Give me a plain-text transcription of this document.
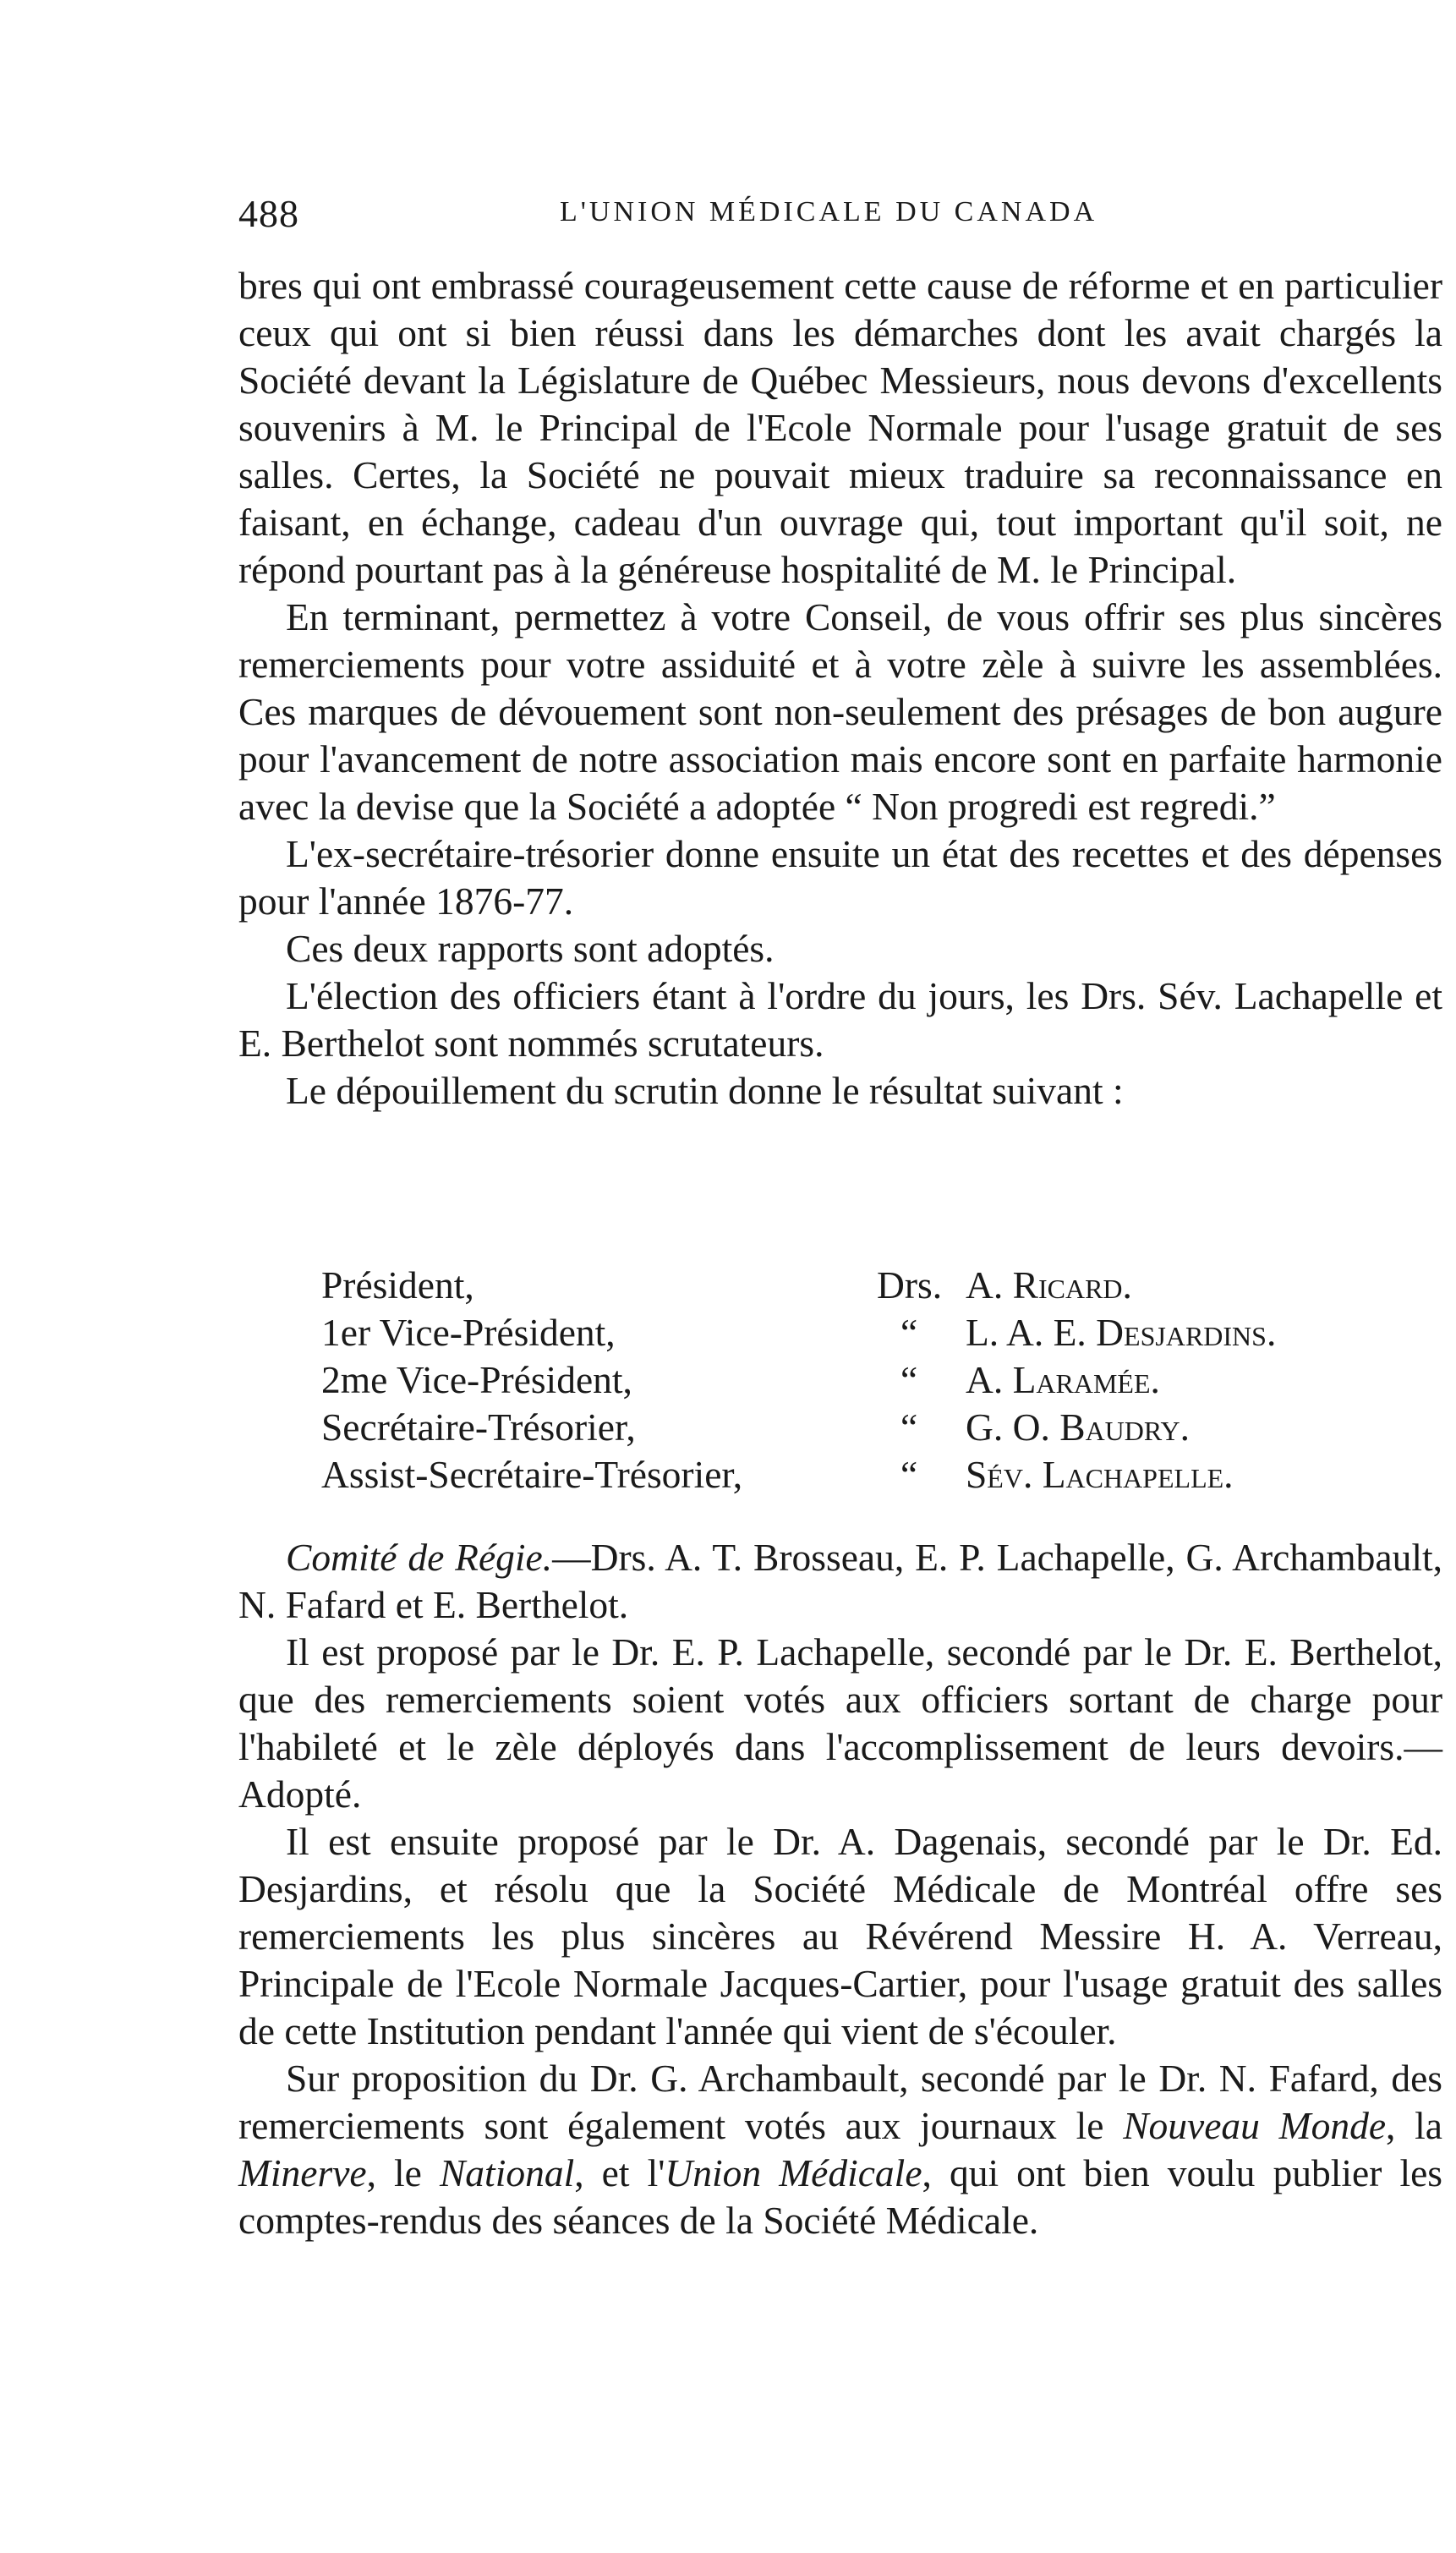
488	L'UNION MÉDICALE DU CANADA

bres qui ont embrassé courageusement cette cause de réforme et en particulier ceux qui ont si bien réussi dans les démarches dont les avait chargés la Société devant la Législature de Québec Messieurs, nous devons d'excellents souvenirs à M. le Principal de l'Ecole Normale pour l'usage gratuit de ses salles. Certes, la Société ne pouvait mieux traduire sa reconnaissance en faisant, en échange, cadeau d'un ouvrage qui, tout important qu'il soit, ne répond pourtant pas à la généreuse hospitalité de M. le Principal.

En terminant, permettez à votre Conseil, de vous offrir ses plus sincères remerciements pour votre assiduité et à votre zèle à suivre les assemblées. Ces marques de dévouement sont non-seulement des présages de bon augure pour l'avancement de notre association mais encore sont en parfaite harmonie avec la devise que la Société a adoptée “ Non progredi est regredi.”

L'ex-secrétaire-trésorier donne ensuite un état des recettes et des dépenses pour l'année 1876-77.

Ces deux rapports sont adoptés.

L'élection des officiers étant à l'ordre du jours, les Drs. Sév. Lachapelle et E. Berthelot sont nommés scrutateurs.

Le dépouillement du scrutin donne le résultat suivant :

Président,	Drs. A. Ricard.
1er Vice-Président,	“ L. A. E. Desjardins.
2me Vice-Président,	“ A. Laramée.
Secrétaire-Trésorier,	“ G. O. Baudry.
Assist-Secrétaire-Trésorier,	“ Sév. Lachapelle.

Comité de Régie.—Drs. A. T. Brosseau, E. P. Lachapelle, G. Archambault, N. Fafard et E. Berthelot.

Il est proposé par le Dr. E. P. Lachapelle, secondé par le Dr. E. Berthelot, que des remerciements soient votés aux officiers sortant de charge pour l'habileté et le zèle déployés dans l'accomplissement de leurs devoirs.—Adopté.

Il est ensuite proposé par le Dr. A. Dagenais, secondé par le Dr. Ed. Desjardins, et résolu que la Société Médicale de Montréal offre ses remerciements les plus sincères au Révérend Messire H. A. Verreau, Principale de l'Ecole Normale Jacques-Cartier, pour l'usage gratuit des salles de cette Institution pendant l'année qui vient de s'écouler.

Sur proposition du Dr. G. Archambault, secondé par le Dr. N. Fafard, des remerciements sont également votés aux journaux le Nouveau Monde, la Minerve, le National, et l'Union Médicale, qui ont bien voulu publier les comptes-rendus des séances de la Société Médicale.
